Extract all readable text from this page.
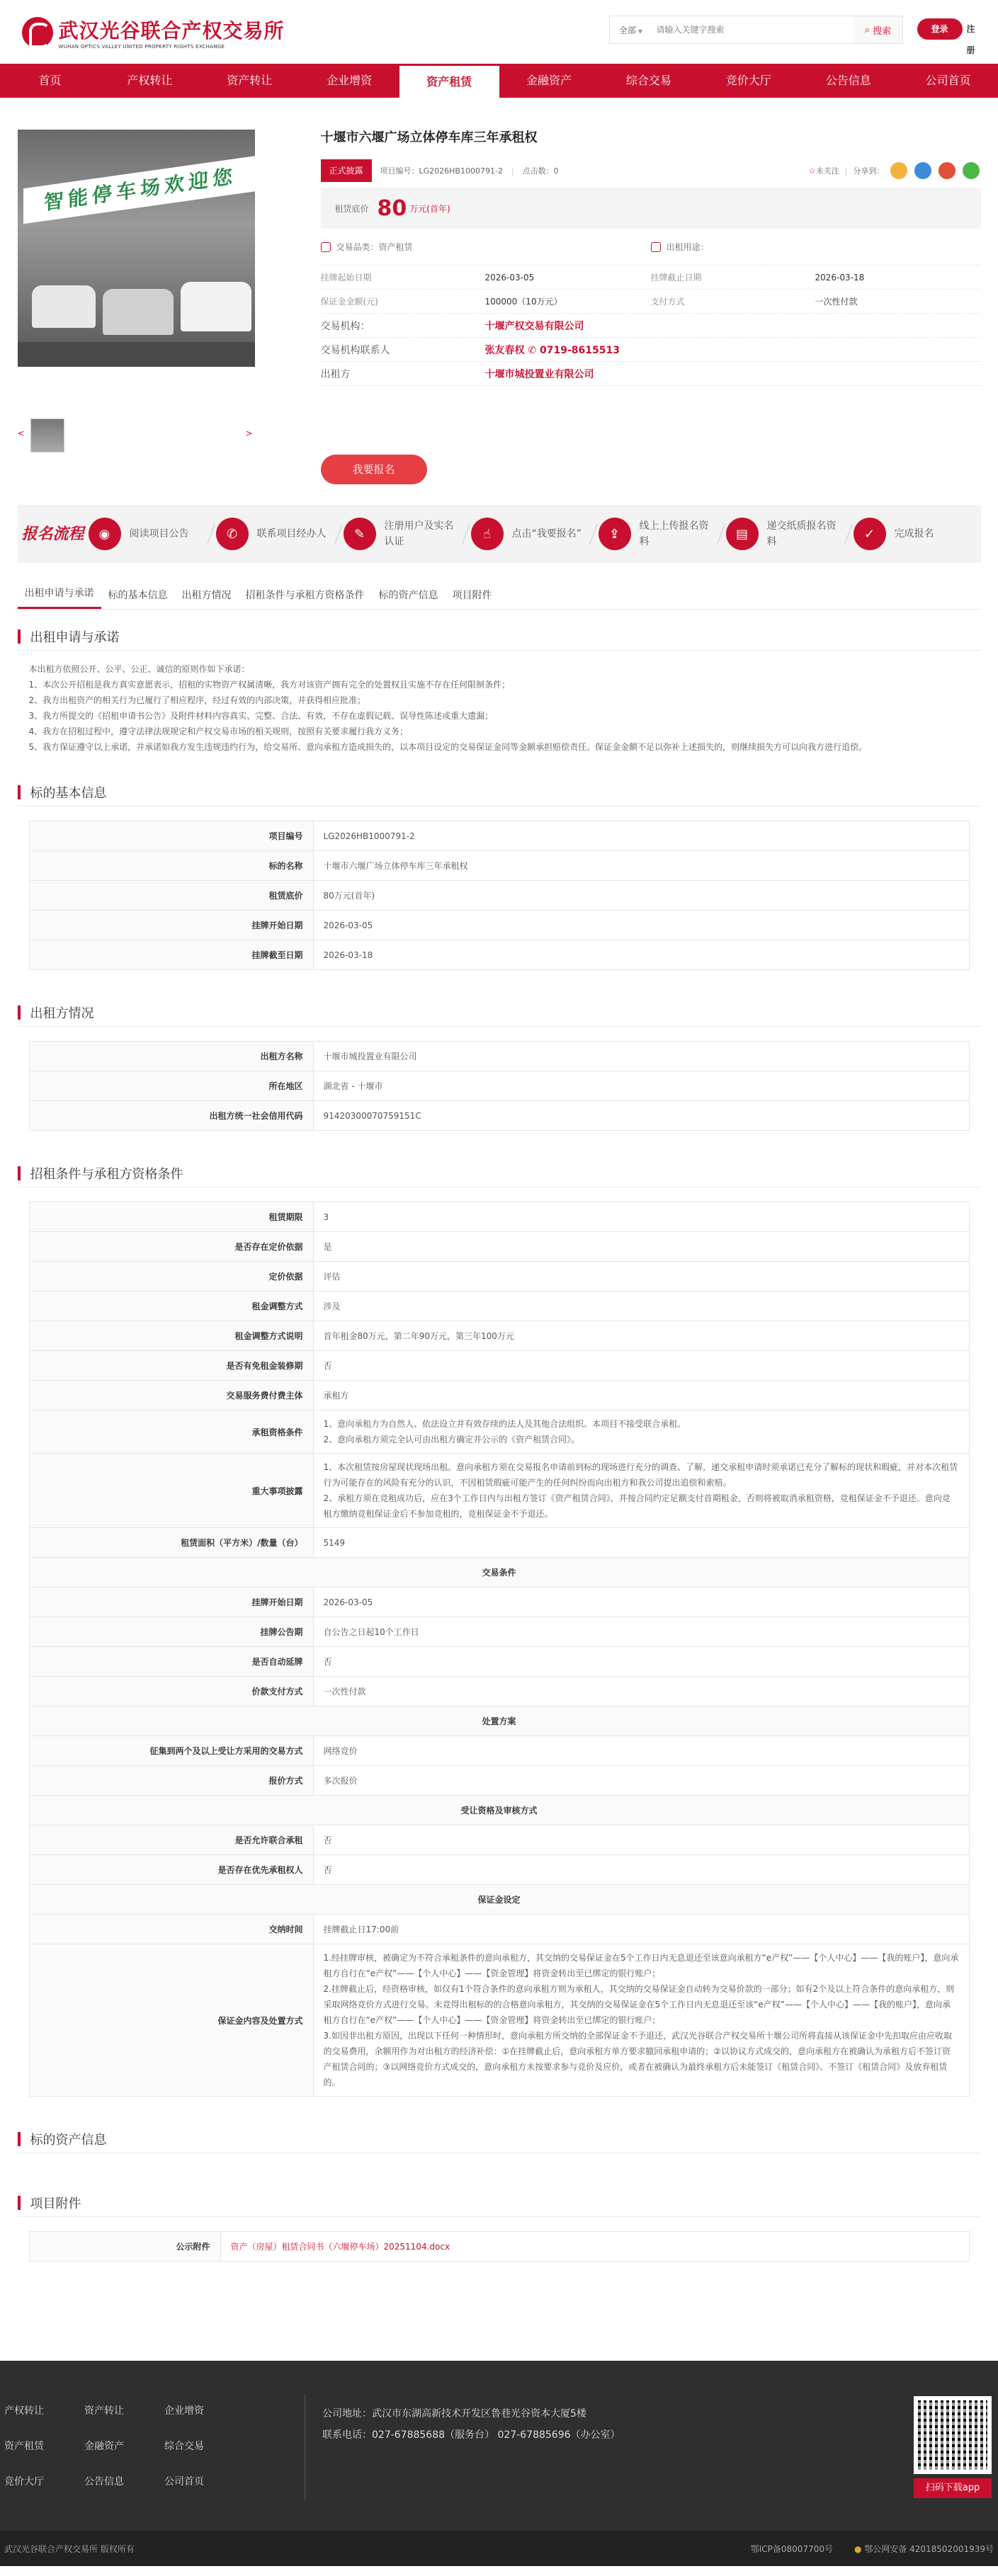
武汉光谷联合产权交易所
WUHAN OPTICS VALLEY UNITED PROPERTY RIGHTS EXCHANGE
全部 ▼
请输入关键字搜索	⌕ 搜索	登录	注册
首页	产权转让	资产转让	企业增资	资产租赁	金融资产	综合交易	竞价大厅	公告信息	公司首页
智能停车场欢迎您
<	>
十堰市六堰广场立体停车库三年承租权
正式披露	项目编号：LG2026HB1000791-2 | 点击数：0	☆未关注 | 分享到：
租赁底价 80 万元(首年)
交易品类：资产租赁	出租用途：
挂牌起始日期	2026-03-05	挂牌截止日期	2026-03-18
保证金金额(元)	100000（10万元）	支付方式	一次性付款
交易机构：	十堰产权交易有限公司
交易机构联系人	张友春权 ✆ 0719-8615513
出租方	十堰市城投置业有限公司
我要报名
报名流程	◉	阅读项目公告	✆	联系项目经办人	✎
注册用户及实名认证
☝	点击“我要报名”	⇪
线上上传报名资料
▤
递交纸质报名资料
✓	完成报名
出租申请与承诺	标的基本信息	出租方情况	招租条件与承租方资格条件	标的资产信息	项目附件
出租申请与承诺
本出租方依照公开、公平、公正、诚信的原则作如下承诺：
1、本次公开招租是我方真实意愿表示，招租的实物资产权属清晰，我方对该资产拥有完全的处置权且实施不存在任何限制条件；
2、我方出租资产的相关行为已履行了相应程序，经过有效的内部决策，并获得相应批准；
3、我方所提交的《招租申请书公告》及附件材料内容真实、完整、合法、有效，不存在虚假记载、误导性陈述或重大遗漏；
4、我方在招租过程中，遵守法律法规规定和产权交易市场的相关规则，按照有关要求履行我方义务；
5、我方保证遵守以上承诺，并承诺如我方发生违规违约行为，给交易所、意向承租方造成损失的，以本项目设定的交易保证金同等金额承担赔偿责任。保证金金额不足以弥补上述损失的，则继续损失方可以向我方进行追偿。
标的基本信息
项目编号	LG2026HB1000791-2
标的名称	十堰市六堰广场立体停车库三年承租权
租赁底价	80万元(首年)
挂牌开始日期	2026-03-05
挂牌截至日期	2026-03-18
出租方情况
出租方名称	十堰市城投置业有限公司
所在地区	湖北省 - 十堰市
出租方统一社会信用代码	91420300070759151C
招租条件与承租方资格条件
租赁期限	3
是否存在定价依据	是
定价依据	评估
租金调整方式	涉及
租金调整方式说明	首年租金80万元，第二年90万元，第三年100万元
是否有免租金装修期	否
交易服务费付费主体	承租方
承租资格条件	1、意向承租方为自然人、依法设立并有效存续的法人及其他合法组织。本项目不接受联合承租。
2、意向承租方须完全认可由出租方确定并公示的《资产租赁合同》。
重大事项披露	1、本次租赁按房屋现状现场出租。意向承租方须在交易报名申请前到标的现场进行充分的调查、了解，递交承租申请时须承诺已充分了解标的现状和瑕疵，并对本次租赁行为可能存在的风险有充分的认识，不因租赁瑕疵可能产生的任何纠纷而向出租方和我公司提出追偿和索赔。
2、承租方须在竞租成功后，应在3个工作日内与出租方签订《资产租赁合同》，并按合同约定足额支付首期租金，否则将被取消承租资格，竞租保证金不予退还。意向竞租方缴纳竞租保证金后不参加竞租的，竞租保证金不予退还。
租赁面积（平方米）/数量（台）	5149
交易条件	
挂牌开始日期	2026-03-05
挂牌公告期	自公告之日起10个工作日
是否自动延牌	否
价款支付方式	一次性付款
处置方案	
征集到两个及以上受让方采用的交易方式	网络竞价
报价方式	多次报价
受让资格及审核方式	
是否允许联合承租	否
是否存在优先承租权人	否
保证金设定	
交纳时间	挂牌截止日17:00前
保证金内容及处置方式	1.经挂牌审核，被确定为不符合承租条件的意向承租方，其交纳的交易保证金在5个工作日内无息退还至该意向承租方“e产权”——【个人中心】——【我的账户】，意向承租方自行在“e产权”——【个人中心】——【资金管理】将资金转出至已绑定的银行账户；
2.挂牌截止后，经资格审核，如仅有1个符合条件的意向承租方则为承租人，其交纳的交易保证金自动转为交易价款的一部分；如有2个及以上符合条件的意向承租方，则采取网络竞价方式进行交易。未竞得出租标的的合格意向承租方，其交纳的交易保证金在5个工作日内无息退还至该“e产权”——【个人中心】——【我的账户】，意向承租方自行在“e产权”——【个人中心】——【资金管理】将资金转出至已绑定的银行账户；
3.如因非出租方原因，出现以下任何一种情形时，意向承租方所交纳的全部保证金不予退还，武汉光谷联合产权交易所十堰公司所将直接从该保证金中先扣取应由应收取的交易费用，余额用作为对出租方的经济补偿：①在挂牌截止后，意向承租方单方要求撤回承租申请的；②以协议方式成交的，意向承租方在被确认为承租方后不签订资产租赁合同的；③以网络竞价方式成交的，意向承租方未按要求参与竞价及应价，或者在被确认为最终承租方后未能签订《租赁合同》、不签订《租赁合同》及放弃租赁的。
标的资产信息
项目附件
公示附件	资产（房屋）租赁合同书（六堰停车场）20251104.docx
产权转让	资产转让	企业增资
资产租赁	金融资产	综合交易
竞价大厅	公告信息	公司首页
公司地址：武汉市东湖高新技术开发区鲁巷光谷资本大厦5楼
联系电话：027-67885688（服务台） 027-67885696（办公室）
扫码下载app
武汉光谷联合产权交易所 版权所有	鄂ICP备08007700号	● 鄂公网安备 42018502001939号
